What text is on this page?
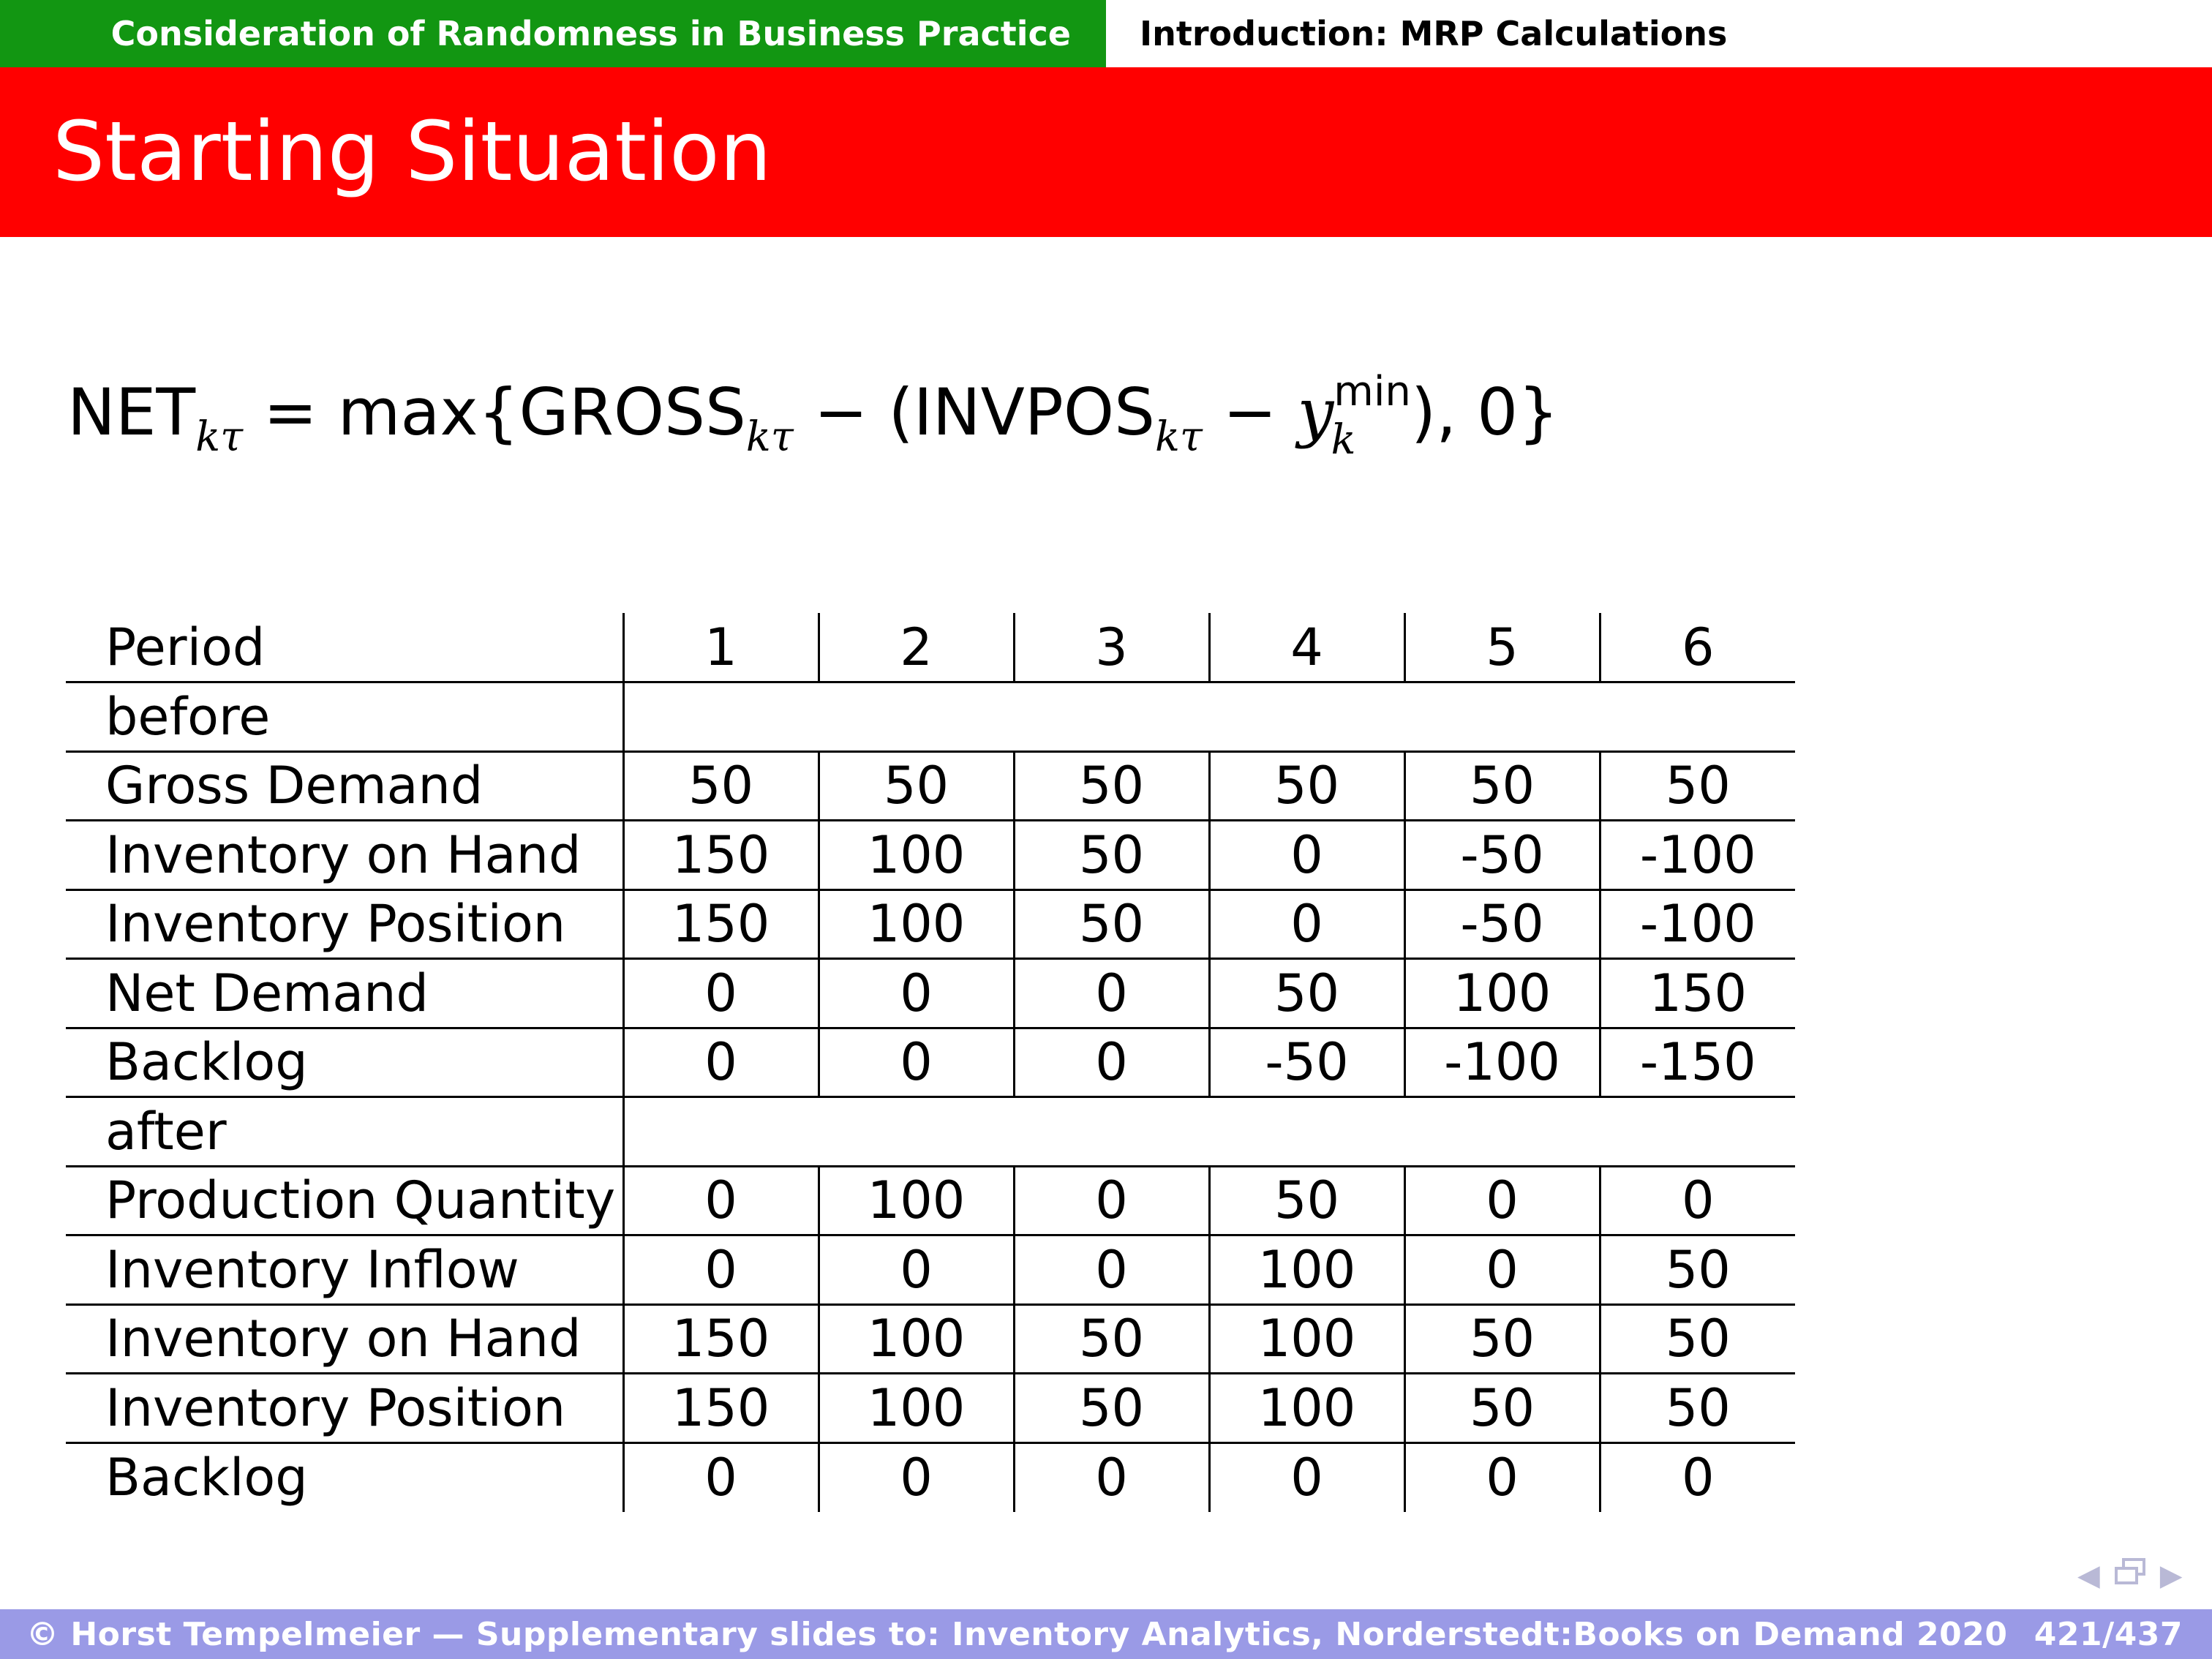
Consideration of Randomness in Business Practice Introduction: MRP Calculations
Starting Situation
$NET_{k\tau}$ = $\max\{GROSS_{k\tau}$ − ($INVPOS_{k\tau} - y^{min}$
k ), 0}
Period	1	2	3	4	5	6
before						
Gross Demand	50	50	50	50	50	50
Inventory on Hand	150	100	50	0	-50	-100
Inventory Position	150	100	50	0	-50	-100
Net Demand	0	0	0	50	100	150
Backlog	0	0	0	-50	-100	-150
after						
Production Quantity	0	100	0	50	0	0
Inventory Inflow	0	0	0	100	0	50
Inventory on Hand	150	100	50	100	50	50
Inventory Position	150	100	50	100	50	50
Backlog	0	0	0	0	0	0
◀ ▶
© Horst Tempelmeier — Supplementary slides to: Inventory Analytics, Norderstedt:Books on Demand 2020 421/437
